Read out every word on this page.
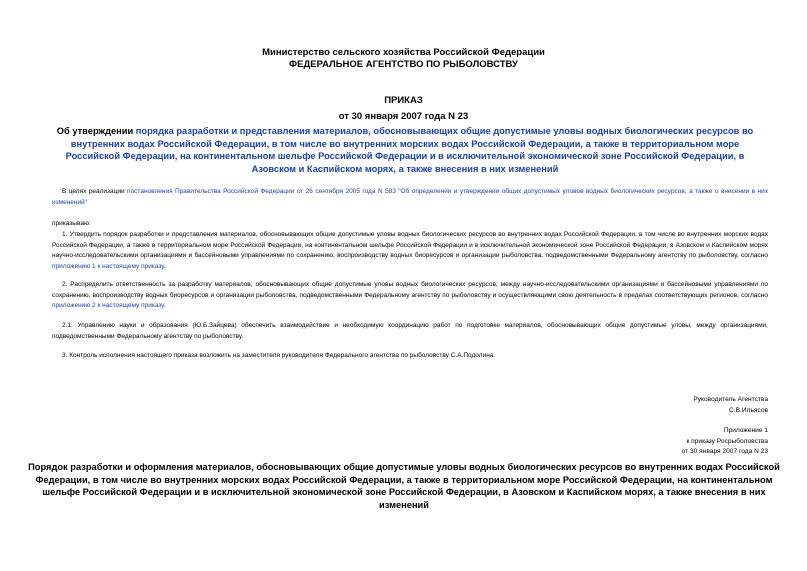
Министерство сельского хозяйства Российской Федерации
ФЕДЕРАЛЬНОЕ АГЕНТСТВО ПО РЫБОЛОВСТВУ
ПРИКАЗ
от 30 января 2007 года N 23
Об утверждении порядка разработки и представления материалов, обосновывающих общие допустимые уловы водных биологических ресурсов во внутренних водах Российской Федерации, в том числе во внутренних морских водах Российской Федерации, а также в территориальном море Российской Федерации, на континентальном шельфе Российской Федерации и в исключительной экономической зоне Российской Федерации, в Азовском и Каспийском морях, а также внесения в них изменений
В целях реализации постановления Правительства Российской Федерации от 26 сентября 2005 года N 583 "Об определении и утверждении общих допустимых уловов водных биологических ресурсов, а также о внесении в них изменений"
приказываю:
1. Утвердить порядок разработки и представления материалов, обосновывающих общие допустимые уловы водных биологических ресурсов во внутренних водах Российской Федерации, в том числе во внутренних морских водах Российской Федерации, а также в территориальном море Российской Федерации, на континентальном шельфе Российской Федерации и в исключительной экономической зоне Российской Федерации, в Азовском и Каспийском морях научно-исследовательскими организациями и бассейновыми управлениями по сохранению, воспроизводству водных биоресурсов и организации рыболовства, подведомственными Федеральному агентству по рыболовству, согласно приложению 1 к настоящему приказу.
2. Распределить ответственность за разработку материалов, обосновывающих общие допустимые уловы водных биологических ресурсов, между научно-исследовательскими организациями и бассейновыми управлениями по сохранению, воспроизводству водных биоресурсов и организации рыболовства, подведомственными Федеральному агентству по рыболовству и осуществляющими свою деятельность в пределах соответствующих регионов, согласно приложению 2 к настоящему приказу.
2.1. Управлению науки и образования (Ю.Б.Зайцева) обеспечить взаимодействие и необходимую координацию работ по подготовке материалов, обосновывающих общие допустимые уловы, между организациями, подведомственными Федеральному агентству по рыболовству.
3. Контроль исполнения настоящего приказа возложить на заместителя руководителя Федерального агентства по рыболовству С.А.Подолина.
Руководитель Агентства
С.В.Ильясов
Приложение 1
к приказу Росрыболовства
от 30 января 2007 года N 23
Порядок разработки и оформления материалов, обосновывающих общие допустимые уловы водных биологических ресурсов во внутренних водах Российской Федерации, в том числе во внутренних морских водах Российской Федерации, а также в территориальном море Российской Федерации, на континентальном шельфе Российской Федерации и в исключительной экономической зоне Российской Федерации, в Азовском и Каспийском морях, а также внесения в них изменений
